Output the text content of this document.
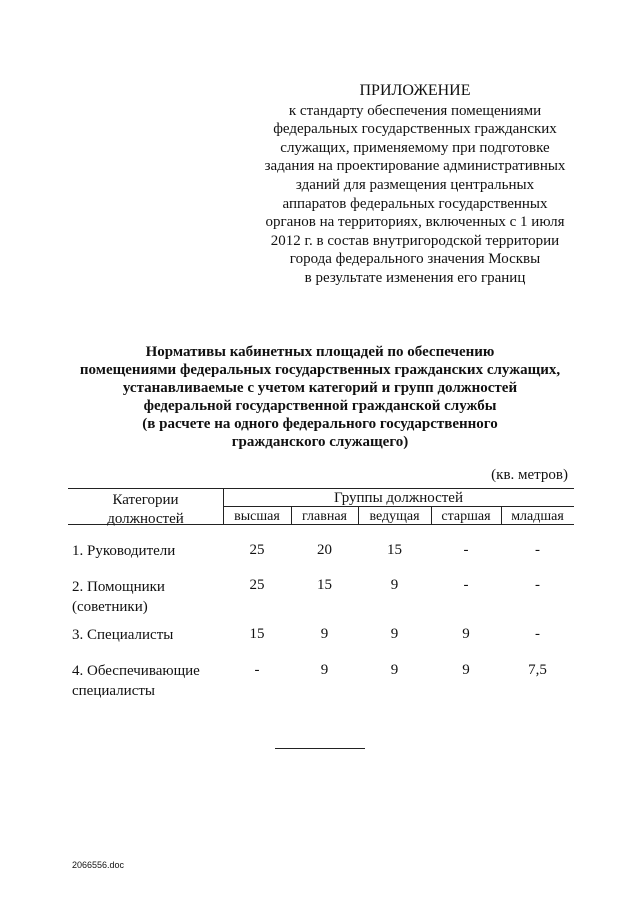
ПРИЛОЖЕНИЕ
к стандарту обеспечения помещениями
федеральных государственных гражданских
служащих, применяемому при подготовке
задания на проектирование административных
зданий для размещения центральных
аппаратов федеральных государственных
органов на территориях, включенных с 1 июля
2012 г. в состав внутригородской территории
города федерального значения Москвы
в результате изменения его границ
Нормативы кабинетных площадей по обеспечению
помещениями федеральных государственных гражданских служащих,
устанавливаемые с учетом категорий и групп должностей
федеральной государственной гражданской службы
(в расчете на одного федерального государственного
гражданского служащего)
(кв. метров)
Категории
должностей
Группы должностей
высшая	главная	ведущая	старшая	младшая
1. Руководители	25	20	15	-	-
2. Помощники
(советники)
25	15	9	-	-
3. Специалисты	15	9	9	9	-
4. Обеспечивающие
специалисты
-	9	9	9	7,5
2066556.doc
